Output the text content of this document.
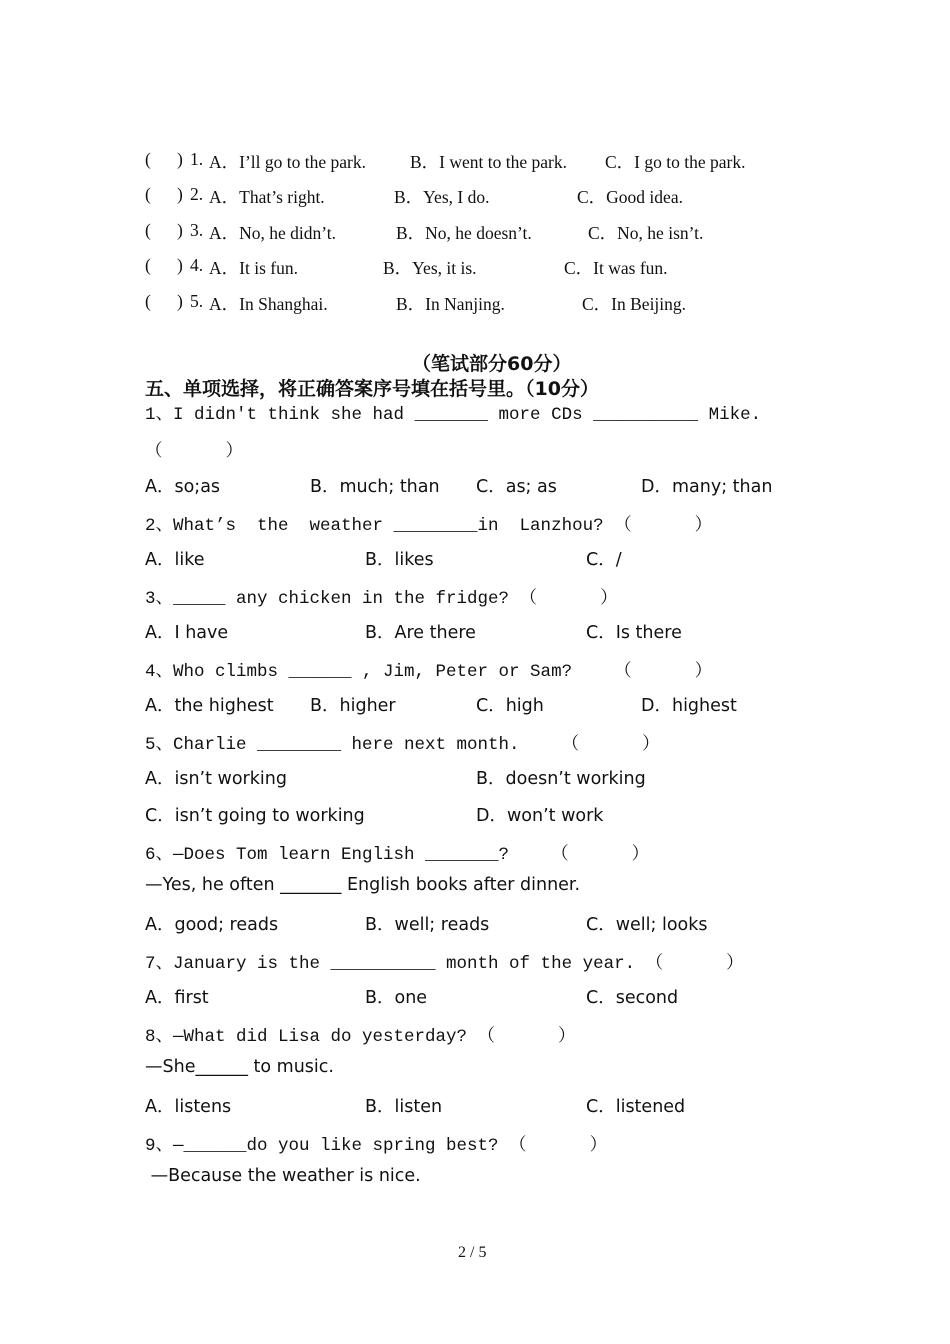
( ) 1. A．I’ll go to the park.	B．I went to the park. C．I go to the park.
( ) 2. A．That’s right.	B．Yes, I do.	C．Good idea.
( ) 3. A．No, he didn’t.	B．No, he doesn’t.	C．No, he isn’t.
( ) 4. A．It is fun.	B．Yes, it is.	C．It was fun.
( ) 5. A．In Shanghai.	B．In Nanjing.	C．In Beijing.
（笔试部分60分）
五、单项选择，将正确答案序号填在括号里。（10分）
1、I didn't think she had _______ more CDs __________ Mike.
（      ）
A．so;as	B．much; than C．as; as	D．many; than
2、What’s  the  weather ________in  Lanzhou? （      ）
A．like	B．likes	C．/
3、_____ any chicken in the fridge? （      ）
A．I have	B．Are there	C．Is there
4、Who climbs ______ , Jim, Peter or Sam?    （      ）
A．the highest B．higher	C．high	D．highest
5、Charlie ________ here next month.    （      ）
A．isn’t working	B．doesn’t working
C．isn’t going to working	D．won’t work
6、—Does Tom learn English _______?    （      ）
—Yes, he often _______ English books after dinner.
A．good; reads	B．well; reads	C．well; looks
7、January is the __________ month of the year. （      ）
A．first	B．one	C．second
8、—What did Lisa do yesterday? （      ）
—She______ to music.
A．listens	B．listen	C．listened
9、—______do you like spring best? （      ）
—Because the weather is nice.
2 / 5
